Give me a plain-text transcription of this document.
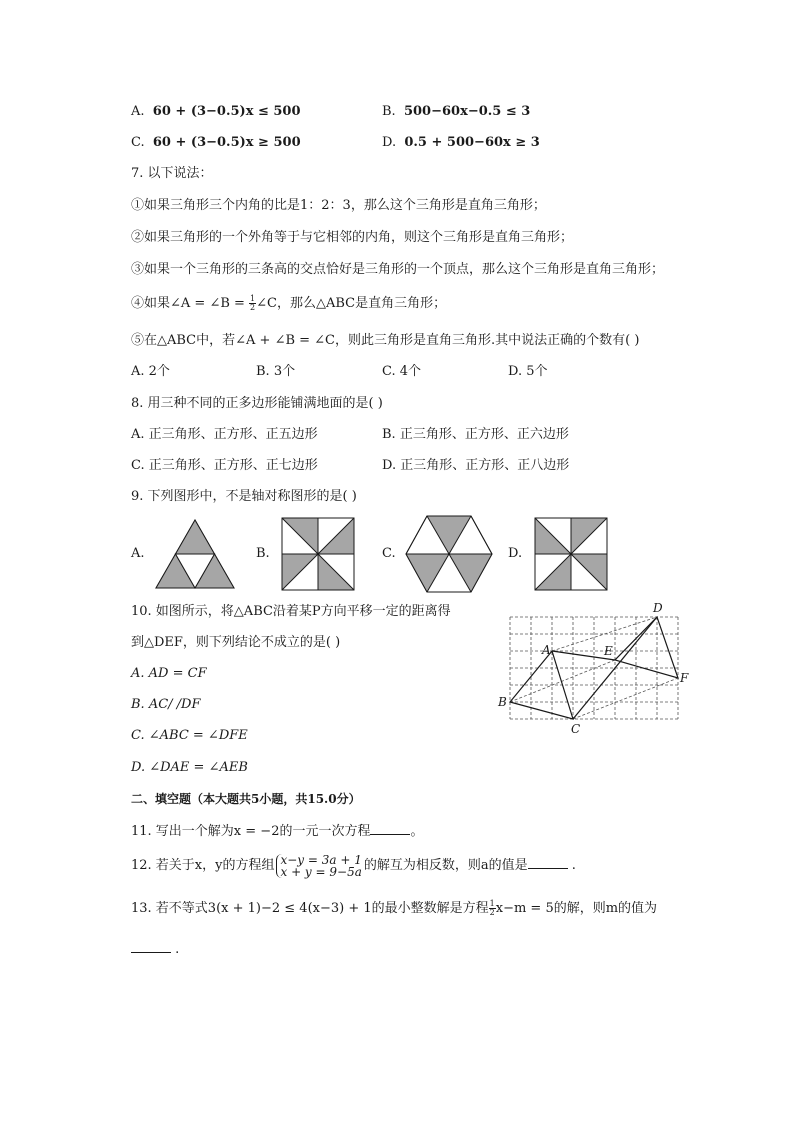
A. 60 + (3−0.5)x ≤ 500	B. 500−60x−0.5 ≤ 3
C. 60 + (3−0.5)x ≥ 500	D. 0.5 + 500−60x ≥ 3
7. 以下说法：
①如果三角形三个内角的比是1：2：3，那么这个三角形是直角三角形；
②如果三角形的一个外角等于与它相邻的内角，则这个三角形是直角三角形；
③如果一个三角形的三条高的交点恰好是三角形的一个顶点，那么这个三角形是直角三角形；
④如果∠A = ∠B = $\frac{1}{2}$ ∠C，那么△ABC是直角三角形；
⑤在△ABC中，若∠A + ∠B = ∠C，则此三角形是直角三角形.其中说法正确的个数有( )
A. 2个	B. 3个	C. 4个	D. 5个
8. 用三种不同的正多边形能铺满地面的是( )
A. 正三角形、正方形、正五边形	B. 正三角形、正方形、正六边形
C. 正三角形、正方形、正七边形	D. 正三角形、正方形、正八边形
9. 下列图形中，不是轴对称图形的是( )
A.	B.	C.	D.
10. 如图所示，将△ABC沿着某P方向平移一定的距离得
到△DEF，则下列结论不成立的是( )
A. AD = CF
B. AC/ /DF
C. ∠ABC = ∠DFE
D. ∠DAE = ∠AEB
D
A	E
F
B
C
二、填空题（本大题共5小题，共15.0分）
11. 写出一个解为x = −2的一元一次方程	。
12. 若关于x，y的方程组 x−y = 3a + 1
x + y = 9−5a 的解互为相反数，则a的值是	.
13. 若不等式3(x + 1)−2 ≤ 4(x−3) + 1的最小整数解是方程 $\frac{1}{2} x-m = 5$的解，则m的值为
.
